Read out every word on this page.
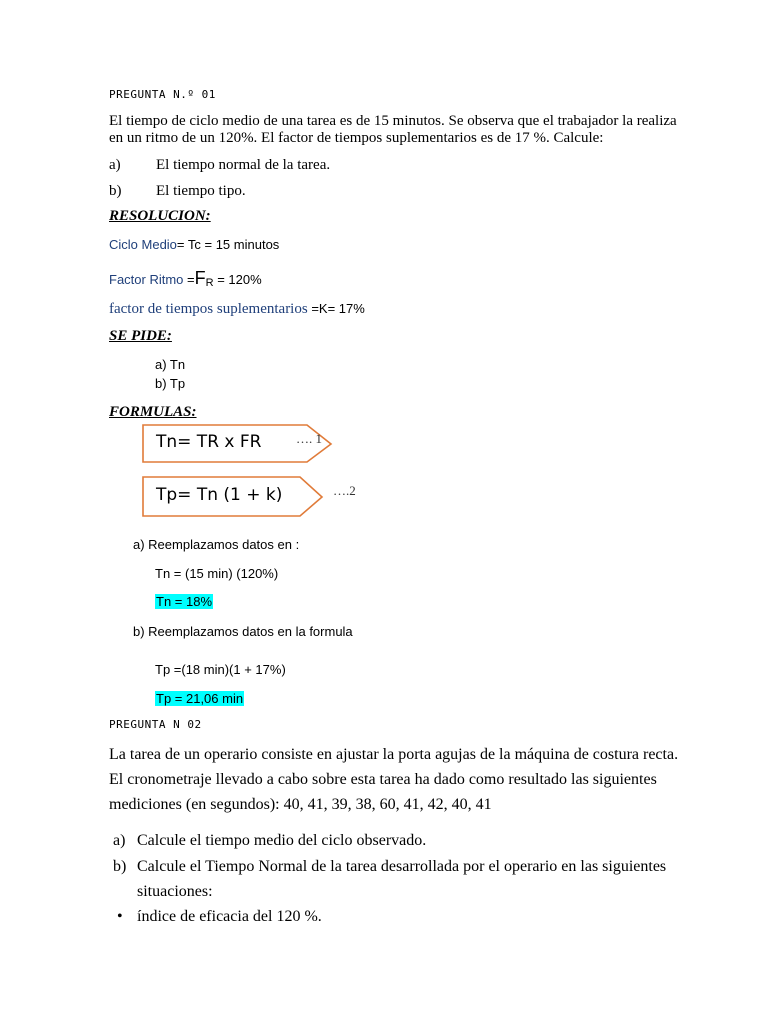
PREGUNTA N.º 01
El tiempo de ciclo medio de una tarea es de 15 minutos. Se observa que el trabajador la realiza
en un ritmo de un 120%. El factor de tiempos suplementarios es de 17 %. Calcule:
a) El tiempo normal de la tarea.
b) El tiempo tipo.
RESOLUCION:
Ciclo Medio= Tc = 15 minutos
Factor Ritmo =FR = 120%
factor de tiempos suplementarios =K= 17%
SE PIDE:
a) Tn
b) Tp
FORMULAS:
Tn= TR x FR	…. 1
Tp= Tn (1 + k)	….2
a) Reemplazamos datos en :
Tn = (15 min) (120%)
Tn = 18%
b) Reemplazamos datos en la formula
Tp =(18 min)(1 + 17%)
Tp = 21,06 min
PREGUNTA N 02
La tarea de un operario consiste en ajustar la porta agujas de la máquina de costura recta.
El cronometraje llevado a cabo sobre esta tarea ha dado como resultado las siguientes
mediciones (en segundos): 40, 41, 39, 38, 60, 41, 42, 40, 41
a) Calcule el tiempo medio del ciclo observado.
b) Calcule el Tiempo Normal de la tarea desarrollada por el operario en las siguientes
situaciones:
• índice de eficacia del 120 %.
